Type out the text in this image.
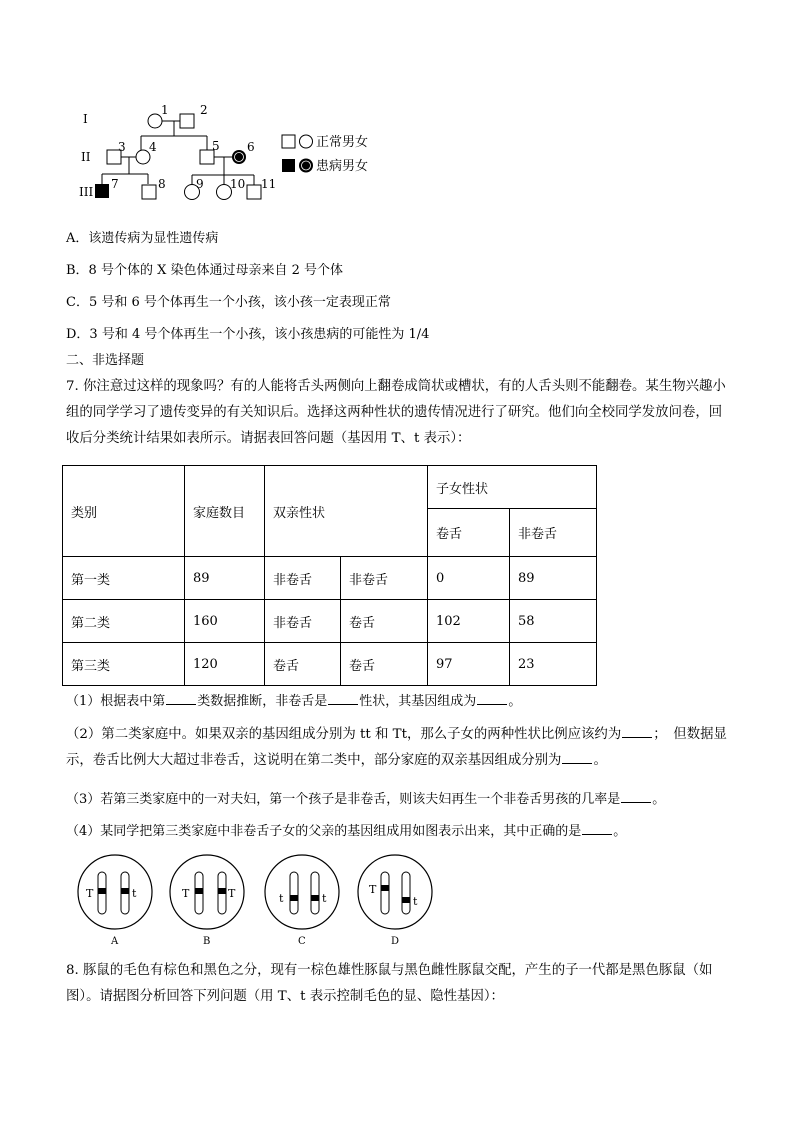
I
II
III
1	2
3 4	5 6
7	8	9 10 11
正常男女
患病男女
A．该遗传病为显性遗传病
B．8 号个体的 X 染色体通过母亲来自 2 号个体
C．5 号和 6 号个体再生一个小孩，该小孩一定表现正常
D．3 号和 4 号个体再生一个小孩，该小孩患病的可能性为 1/4
二、非选择题
7. 你注意过这样的现象吗？有的人能将舌头两侧向上翻卷成筒状或槽状，有的人舌头则不能翻卷。某生物兴趣小组的同学学习了遗传变异的有关知识后。选择这两种性状的遗传情况进行了研究。他们向全校同学发放问卷，回收后分类统计结果如表所示。请据表回答问题（基因用 T、t 表示）：
类别	家庭数目	双亲性状		子女性状	
				卷舌	非卷舌
第一类	89	非卷舌	非卷舌	0	89
第二类	160	非卷舌	卷舌	102	58
第三类	120	卷舌	卷舌	97	23
（1）根据表中第 类数据推断，非卷舌是 性状，其基因组成为 。
（2）第二类家庭中。如果双亲的基因组成分别为 tt 和 Tt，那么子女的两种性状比例应该约为 ；　但数据显示，卷舌比例大大超过非卷舌，这说明在第二类中，部分家庭的双亲基因组成分别为 。
（3）若第三类家庭中的一对夫妇，第一个孩子是非卷舌，则该夫妇再生一个非卷舌男孩的几率是 。
（4）某同学把第三类家庭中非卷舌子女的父亲的基因组成用如图表示出来，其中正确的是 。
T	t
A
T	T
B
t	t
C
T
t
D
8. 豚鼠的毛色有棕色和黑色之分，现有一棕色雄性豚鼠与黑色雌性豚鼠交配，产生的子一代都是黑色豚鼠（如图）。请据图分析回答下列问题（用 T、t 表示控制毛色的显、隐性基因）：
